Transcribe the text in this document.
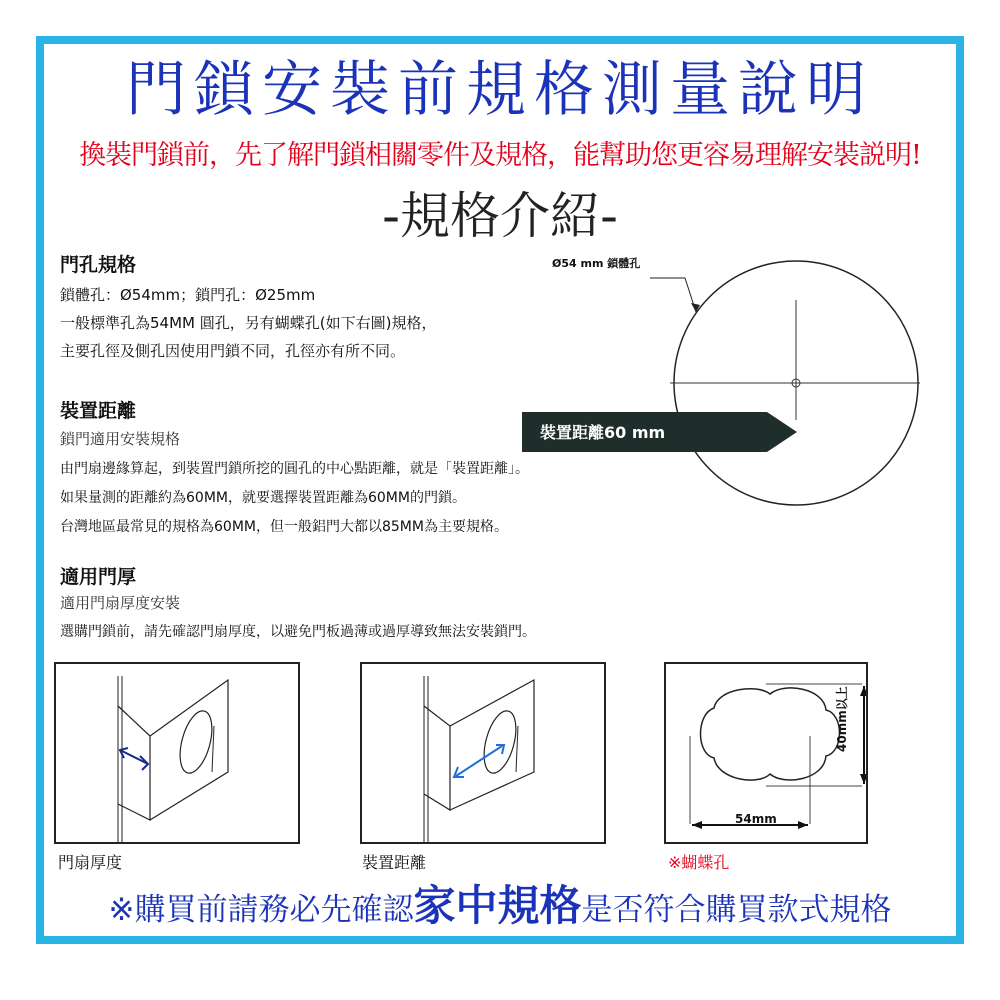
門鎖安裝前規格測量說明
換裝門鎖前，先了解門鎖相關零件及規格，能幫助您更容易理解安裝説明!
-規格介紹-
門孔規格
鎖體孔：Ø54mm；鎖門孔：Ø25mm
一般標準孔為54MM 圓孔，另有蝴蝶孔(如下右圖)規格，
主要孔徑及側孔因使用門鎖不同，孔徑亦有所不同。
裝置距離
鎖門適用安裝規格
由門扇邊緣算起，到裝置門鎖所挖的圓孔的中心點距離，就是「裝置距離」。
如果量測的距離約為60MM，就要選擇裝置距離為60MM的門鎖。
台灣地區最常見的規格為60MM，但一般鋁門大都以85MM為主要規格。
適用門厚
適用門扇厚度安裝
選購門鎖前，請先確認門扇厚度，以避免門板過薄或過厚導致無法安裝鎖門。
Ø54 mm 鎖體孔
裝置距離60 mm
門扇厚度	裝置距離
54mm
40mm以上
※蝴蝶孔
※購買前請務必先確認家中規格是否符合購買款式規格
